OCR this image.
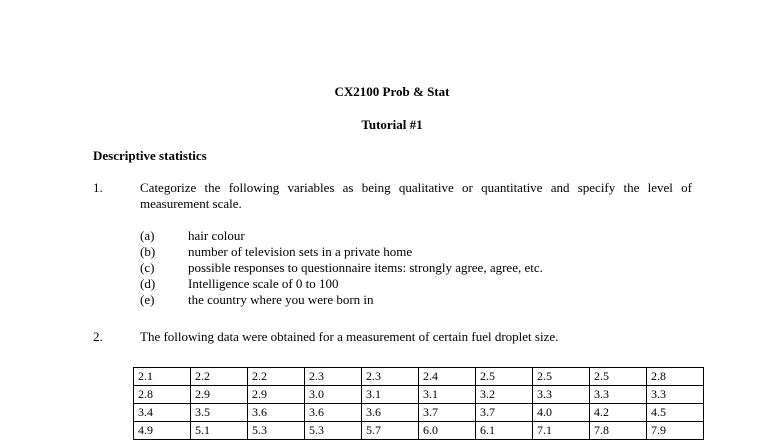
CX2100 Prob & Stat
Tutorial #1
Descriptive statistics
1.	Categorize the following variables as being qualitative or quantitative and specify the level of measurement scale.
(a)	hair colour
(b)	number of television sets in a private home
(c)	possible responses to questionnaire items: strongly agree, agree, etc.
(d)	Intelligence scale of 0 to 100
(e)	the country where you were born in
2.	The following data were obtained for a measurement of certain fuel droplet size.
2.1	2.2	2.2	2.3	2.3	2.4	2.5	2.5	2.5	2.8
2.8	2.9	2.9	3.0	3.1	3.1	3.2	3.3	3.3	3.3
3.4	3.5	3.6	3.6	3.6	3.7	3.7	4.0	4.2	4.5
4.9	5.1	5.3	5.3	5.7	6.0	6.1	7.1	7.8	7.9
